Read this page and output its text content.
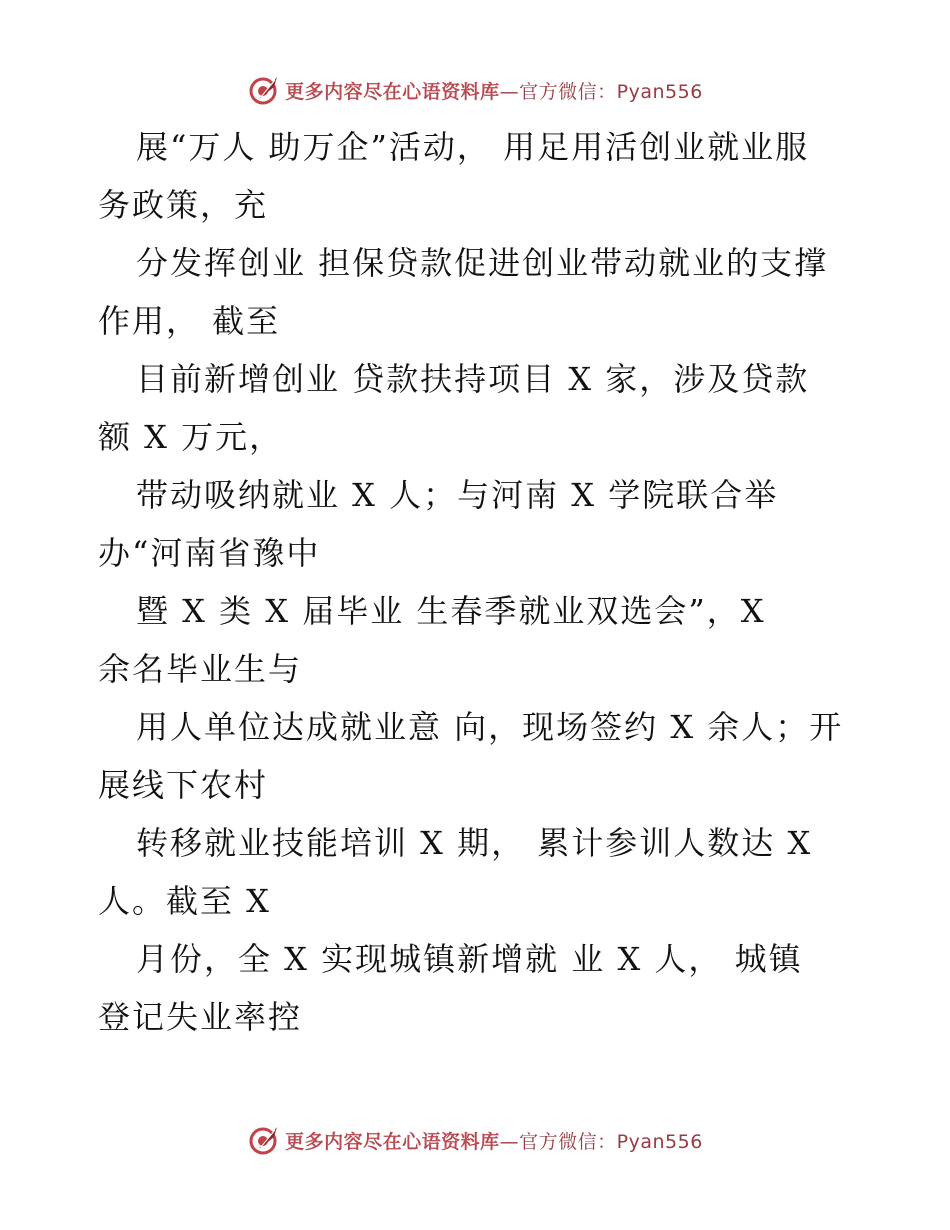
更多内容尽在心语资料库—官方微信：Pyan556
展“万人 助万企”活动， 用足用活创业就业服
务政策，充
分发挥创业 担保贷款促进创业带动就业的支撑
作用， 截至
目前新增创业 贷款扶持项目 X 家，涉及贷款
额 X 万元，
带动吸纳就业 X 人；与河南 X 学院联合举
办“河南省豫中
暨 X 类 X 届毕业 生春季就业双选会”，X
余名毕业生与
用人单位达成就业意 向，现场签约 X 余人；开
展线下农村
转移就业技能培训 X 期， 累计参训人数达 X
人。截至 X
月份，全 X 实现城镇新增就 业 X 人， 城镇
登记失业率控
更多内容尽在心语资料库—官方微信：Pyan556
